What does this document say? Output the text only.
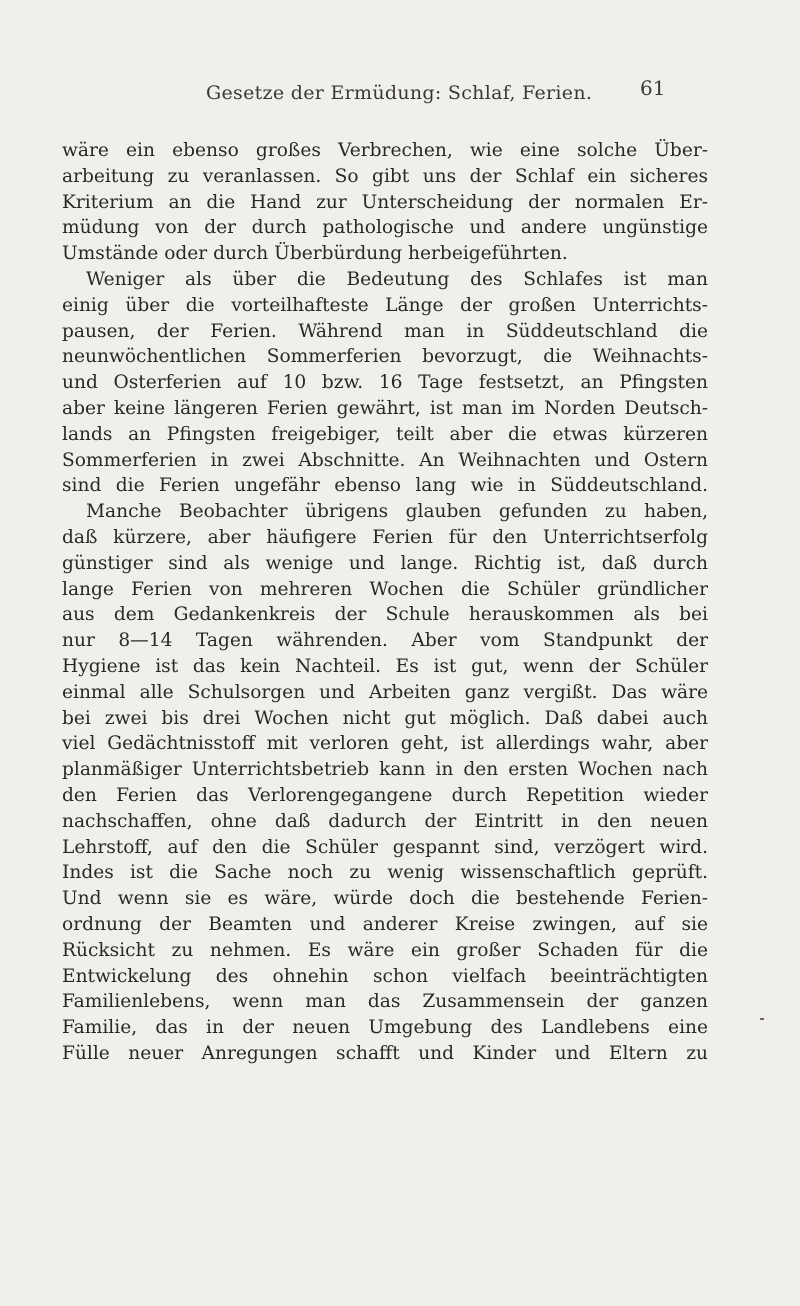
Gesetze der Ermüdung: Schlaf, Ferien. 61
wäre ein ebenso großes Verbrechen, wie eine solche Über-
arbeitung zu veranlassen. So gibt uns der Schlaf ein sicheres
Kriterium an die Hand zur Unterscheidung der normalen Er-
müdung von der durch pathologische und andere ungünstige
Umstände oder durch Überbürdung herbeigeführten.
Weniger als über die Bedeutung des Schlafes ist man
einig über die vorteilhafteste Länge der großen Unterrichts-
pausen, der Ferien. Während man in Süddeutschland die
neunwöchentlichen Sommerferien bevorzugt, die Weihnachts-
und Osterferien auf 10 bzw. 16 Tage festsetzt, an Pfingsten
aber keine längeren Ferien gewährt, ist man im Norden Deutsch-
lands an Pfingsten freigebiger, teilt aber die etwas kürzeren
Sommerferien in zwei Abschnitte. An Weihnachten und Ostern
sind die Ferien ungefähr ebenso lang wie in Süddeutschland.
Manche Beobachter übrigens glauben gefunden zu haben,
daß kürzere, aber häufigere Ferien für den Unterrichtserfolg
günstiger sind als wenige und lange. Richtig ist, daß durch
lange Ferien von mehreren Wochen die Schüler gründlicher
aus dem Gedankenkreis der Schule herauskommen als bei
nur 8—14 Tagen währenden. Aber vom Standpunkt der
Hygiene ist das kein Nachteil. Es ist gut, wenn der Schüler
einmal alle Schulsorgen und Arbeiten ganz vergißt. Das wäre
bei zwei bis drei Wochen nicht gut möglich. Daß dabei auch
viel Gedächtnisstoff mit verloren geht, ist allerdings wahr, aber
planmäßiger Unterrichtsbetrieb kann in den ersten Wochen nach
den Ferien das Verlorengegangene durch Repetition wieder
nachschaffen, ohne daß dadurch der Eintritt in den neuen
Lehrstoff, auf den die Schüler gespannt sind, verzögert wird.
Indes ist die Sache noch zu wenig wissenschaftlich geprüft.
Und wenn sie es wäre, würde doch die bestehende Ferien-
ordnung der Beamten und anderer Kreise zwingen, auf sie
Rücksicht zu nehmen. Es wäre ein großer Schaden für die
Entwickelung des ohnehin schon vielfach beeinträchtigten
Familienlebens, wenn man das Zusammensein der ganzen
Familie, das in der neuen Umgebung des Landlebens eine
Fülle neuer Anregungen schafft und Kinder und Eltern zu
